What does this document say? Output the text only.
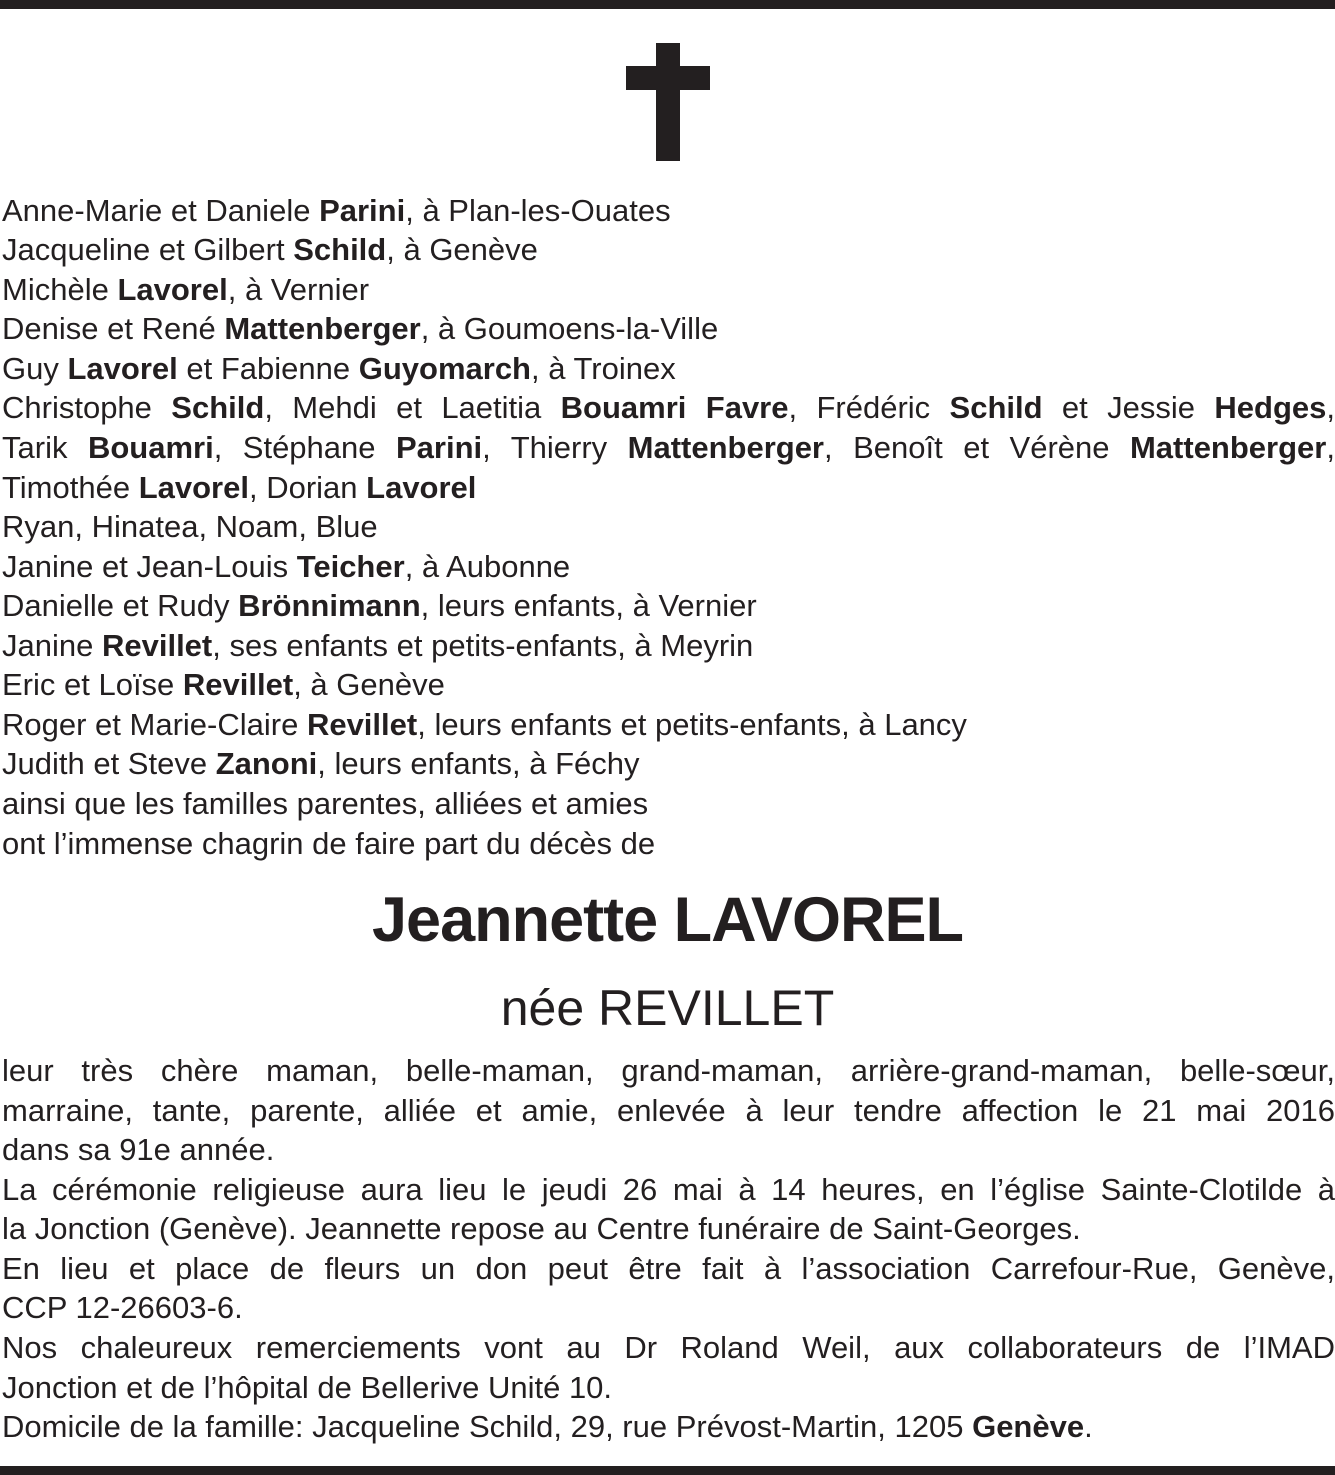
Anne-Marie et Daniele Parini, à Plan-les-Ouates
Jacqueline et Gilbert Schild, à Genève
Michèle Lavorel, à Vernier
Denise et René Mattenberger, à Goumoens-la-Ville
Guy Lavorel et Fabienne Guyomarch, à Troinex
Christophe Schild, Mehdi et Laetitia Bouamri Favre, Frédéric Schild et Jessie Hedges,
Tarik Bouamri, Stéphane Parini, Thierry Mattenberger, Benoît et Vérène Mattenberger,
Timothée Lavorel, Dorian Lavorel
Ryan, Hinatea, Noam, Blue
Janine et Jean-Louis Teicher, à Aubonne
Danielle et Rudy Brönnimann, leurs enfants, à Vernier
Janine Revillet, ses enfants et petits-enfants, à Meyrin
Eric et Loïse Revillet, à Genève
Roger et Marie-Claire Revillet, leurs enfants et petits-enfants, à Lancy
Judith et Steve Zanoni, leurs enfants, à Féchy
ainsi que les familles parentes, alliées et amies
ont l’immense chagrin de faire part du décès de
Jeannette LAVOREL
née REVILLET
leur très chère maman, belle-maman, grand-maman, arrière-grand-maman, belle-sœur,
marraine, tante, parente, alliée et amie, enlevée à leur tendre affection le 21 mai 2016
dans sa 91e année.
La cérémonie religieuse aura lieu le jeudi 26 mai à 14 heures, en l’église Sainte-Clotilde à
la Jonction (Genève). Jeannette repose au Centre funéraire de Saint-Georges.
En lieu et place de fleurs un don peut être fait à l’association Carrefour-Rue, Genève,
CCP 12-26603-6.
Nos chaleureux remerciements vont au Dr Roland Weil, aux collaborateurs de l’IMAD
Jonction et de l’hôpital de Bellerive Unité 10.
Domicile de la famille: Jacqueline Schild, 29, rue Prévost-Martin, 1205 Genève.
